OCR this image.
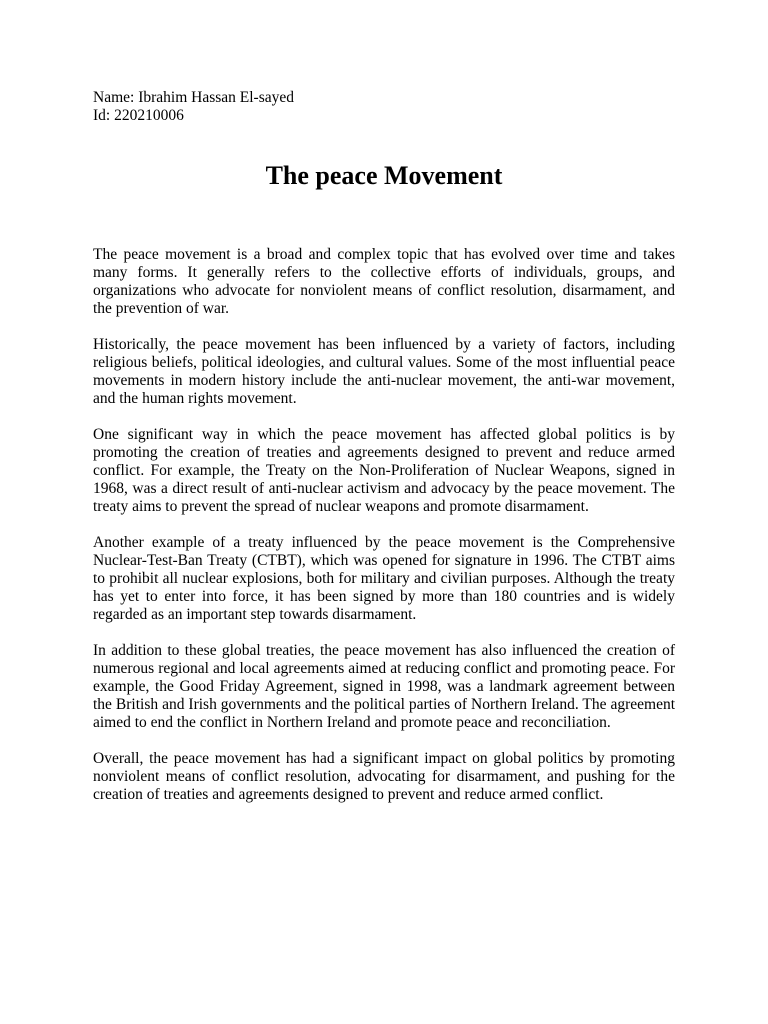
Name: Ibrahim Hassan El-sayed
Id: 220210006
The peace Movement

The peace movement is a broad and complex topic that has evolved over time and takes many forms. It generally refers to the collective efforts of individuals, groups, and organizations who advocate for nonviolent means of conflict resolution, disarmament, and the prevention of war.

Historically, the peace movement has been influenced by a variety of factors, including religious beliefs, political ideologies, and cultural values. Some of the most influential peace movements in modern history include the anti-nuclear movement, the anti-war movement, and the human rights movement.

One significant way in which the peace movement has affected global politics is by promoting the creation of treaties and agreements designed to prevent and reduce armed conflict. For example, the Treaty on the Non-Proliferation of Nuclear Weapons, signed in 1968, was a direct result of anti-nuclear activism and advocacy by the peace movement. The treaty aims to prevent the spread of nuclear weapons and promote disarmament.

Another example of a treaty influenced by the peace movement is the Comprehensive Nuclear-Test-Ban Treaty (CTBT), which was opened for signature in 1996. The CTBT aims to prohibit all nuclear explosions, both for military and civilian purposes. Although the treaty has yet to enter into force, it has been signed by more than 180 countries and is widely regarded as an important step towards disarmament.

In addition to these global treaties, the peace movement has also influenced the creation of numerous regional and local agreements aimed at reducing conflict and promoting peace. For example, the Good Friday Agreement, signed in 1998, was a landmark agreement between the British and Irish governments and the political parties of Northern Ireland. The agreement aimed to end the conflict in Northern Ireland and promote peace and reconciliation.

Overall, the peace movement has had a significant impact on global politics by promoting nonviolent means of conflict resolution, advocating for disarmament, and pushing for the creation of treaties and agreements designed to prevent and reduce armed conflict.
